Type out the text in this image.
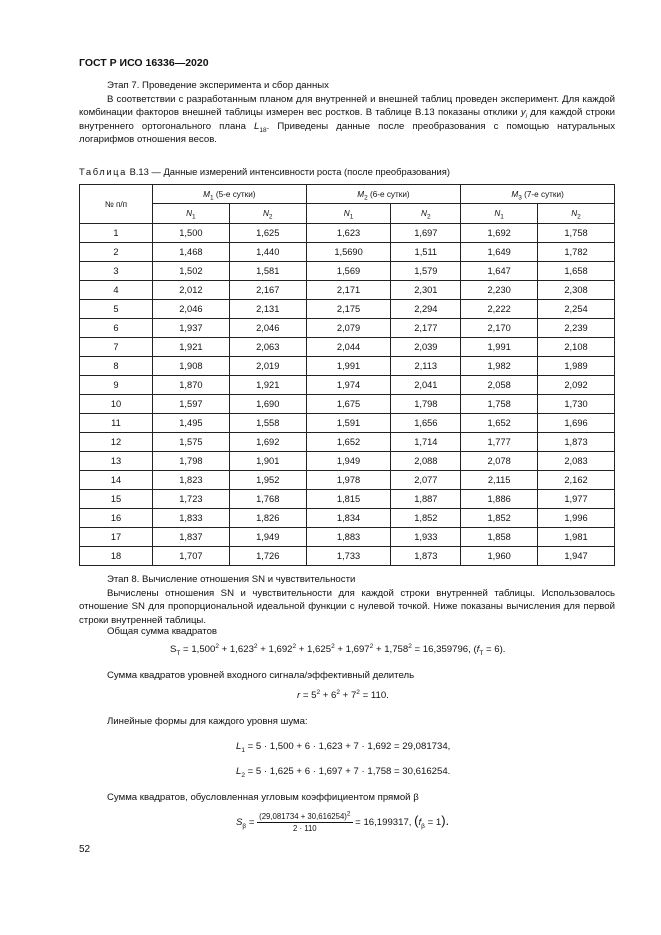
ГОСТ Р ИСО 16336—2020
Этап 7. Проведение эксперимента и сбор данных
В соответствии с разработанным планом для внутренней и внешней таблиц проведен эксперимент. Для каждой комбинации факторов внешней таблицы измерен вес ростков. В таблице В.13 показаны отклики $y_i$ для каждой строки внутреннего ортогонального плана $L_{18}$. Приведены данные после преобразования с помощью натуральных логарифмов отношения весов.
Таблица В.13 — Данные измерений интенсивности роста (после преобразования)
№ п/п	$M_1$ (5-е сутки)		$M_2$ (6-е сутки)		$M_3$ (7-е сутки)	
	$N_1$	$N_2$	$N_1$	$N_2$	$N_1$	$N_2$
1	1,500	1,625	1,623	1,697	1,692	1,758
2	1,468	1,440	1,5690	1,511	1,649	1,782
3	1,502	1,581	1,569	1,579	1,647	1,658
4	2,012	2,167	2,171	2,301	2,230	2,308
5	2,046	2,131	2,175	2,294	2,222	2,254
6	1,937	2,046	2,079	2,177	2,170	2,239
7	1,921	2,063	2,044	2,039	1,991	2,108
8	1,908	2,019	1,991	2,113	1,982	1,989
9	1,870	1,921	1,974	2,041	2,058	2,092
10	1,597	1,690	1,675	1,798	1,758	1,730
11	1,495	1,558	1,591	1,656	1,652	1,696
12	1,575	1,692	1,652	1,714	1,777	1,873
13	1,798	1,901	1,949	2,088	2,078	2,083
14	1,823	1,952	1,978	2,077	2,115	2,162
15	1,723	1,768	1,815	1,887	1,886	1,977
16	1,833	1,826	1,834	1,852	1,852	1,996
17	1,837	1,949	1,883	1,933	1,858	1,981
18	1,707	1,726	1,733	1,873	1,960	1,947
Этап 8. Вычисление отношения SN и чувствительности
Вычислены отношения SN и чувствительности для каждой строки внутренней таблицы. Использовалось отношение SN для пропорциональной идеальной функции с нулевой точкой. Ниже показаны вычисления для первой строки внутренней таблицы.
Общая сумма квадратов
$S_T = 1,500^2 + 1,623^2 + 1,692^2 + 1,625^2 + 1,697^2 + 1,758^2 = 16,359796$, $(f_T = 6)$.
Сумма квадратов уровней входного сигнала/эффективный делитель
$r = 5^2 + 6^2 + 7^2 = 110$.
Линейные формы для каждого уровня шума:
$L_1 = 5 \cdot 1,500 + 6 \cdot 1,623 + 7 \cdot 1,692 = 29,081734$,
$L_2 = 5 \cdot 1,625 + 6 \cdot 1,697 + 7 \cdot 1,758 = 30,616254$.
Сумма квадратов, обусловленная угловым коэффициентом прямой β
$S_\beta = \frac{(29,081734 + 30,616254)^2}{2 \cdot 110} = 16,199317$, $(f_\beta = 1)$.
52
